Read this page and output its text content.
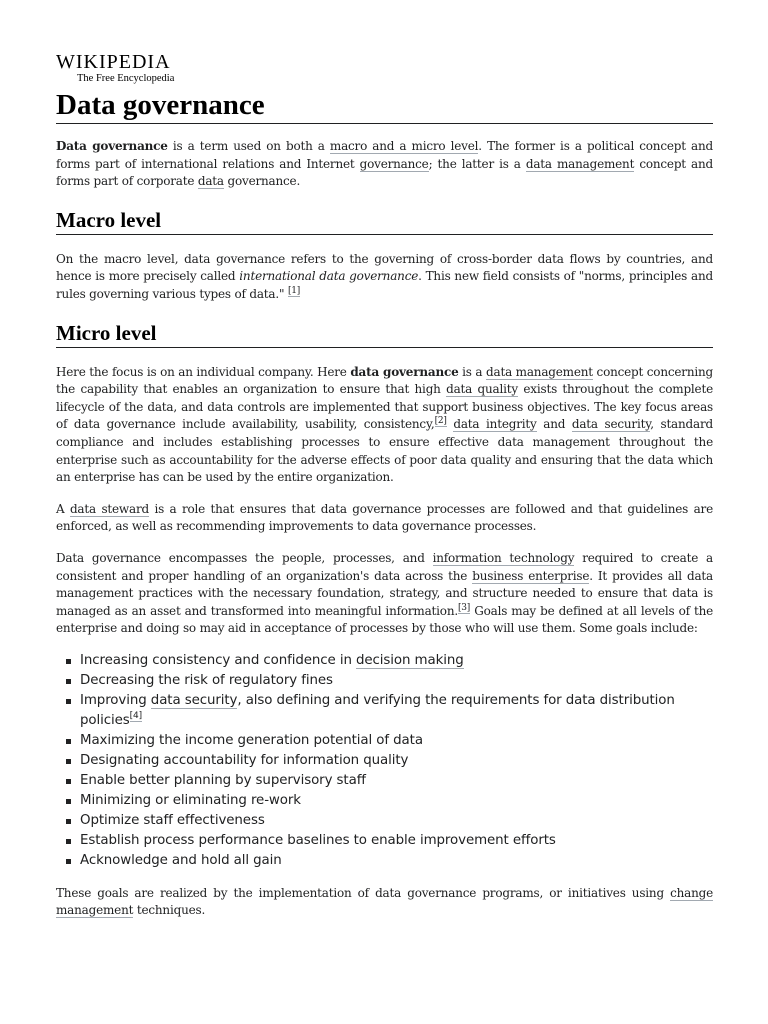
WIKIPEDIA
The Free Encyclopedia
Data governance

Data governance is a term used on both a macro and a micro level. The former is a political concept and forms part of international relations and Internet governance; the latter is a data management concept and forms part of corporate data governance.

Macro level

On the macro level, data governance refers to the governing of cross-border data flows by countries, and hence is more precisely called international data governance. This new field consists of "norms, principles and rules governing various types of data." [1]

Micro level

Here the focus is on an individual company. Here data governance is a data management concept concerning the capability that enables an organization to ensure that high data quality exists throughout the complete lifecycle of the data, and data controls are implemented that support business objectives. The key focus areas of data governance include availability, usability, consistency,[2] data integrity and data security, standard compliance and includes establishing processes to ensure effective data management throughout the enterprise such as accountability for the adverse effects of poor data quality and ensuring that the data which an enterprise has can be used by the entire organization.

A data steward is a role that ensures that data governance processes are followed and that guidelines are enforced, as well as recommending improvements to data governance processes.

Data governance encompasses the people, processes, and information technology required to create a consistent and proper handling of an organization's data across the business enterprise. It provides all data management practices with the necessary foundation, strategy, and structure needed to ensure that data is managed as an asset and transformed into meaningful information.[3] Goals may be defined at all levels of the enterprise and doing so may aid in acceptance of processes by those who will use them. Some goals include:

Increasing consistency and confidence in decision making
Decreasing the risk of regulatory fines
Improving data security, also defining and verifying the requirements for data distribution policies[4]
Maximizing the income generation potential of data
Designating accountability for information quality
Enable better planning by supervisory staff
Minimizing or eliminating re-work
Optimize staff effectiveness
Establish process performance baselines to enable improvement efforts
Acknowledge and hold all gain

These goals are realized by the implementation of data governance programs, or initiatives using change management techniques.
